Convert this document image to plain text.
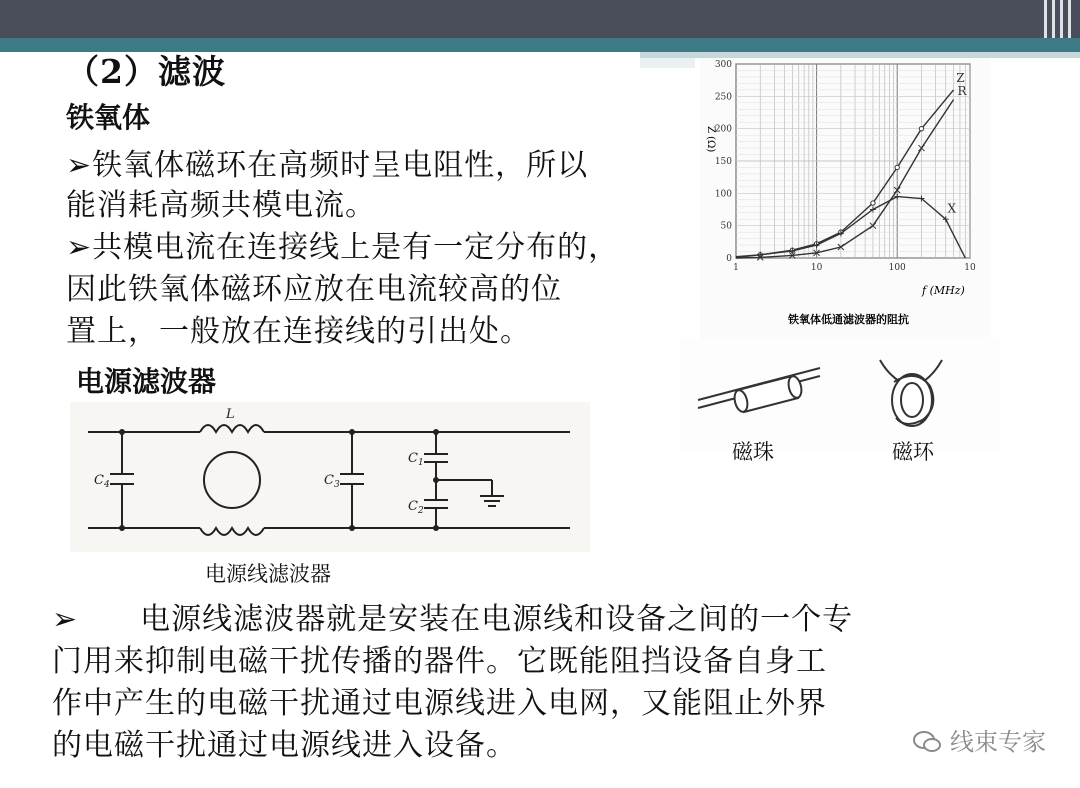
（2）滤波
铁氧体
➢铁氧体磁环在高频时呈电阻性，所以
能消耗高频共模电流。
➢共模电流在连接线上是有一定分布的，
因此铁氧体磁环应放在电流较高的位
置上，一般放在连接线的引出处。
电源滤波器
0
50
100
150
200
250
300
1	10	100	10
Z
R
X
Z (Ω)
f (MHz)
铁氧体低通滤波器的阻抗
磁珠	磁环
L
$C_4$	$C_3$
$C_1$
$C_2$
电源线滤波器
➢　　电源线滤波器就是安装在电源线和设备之间的一个专
门用来抑制电磁干扰传播的器件。它既能阻挡设备自身工
作中产生的电磁干扰通过电源线进入电网，又能阻止外界
的电磁干扰通过电源线进入设备。	线束专家
